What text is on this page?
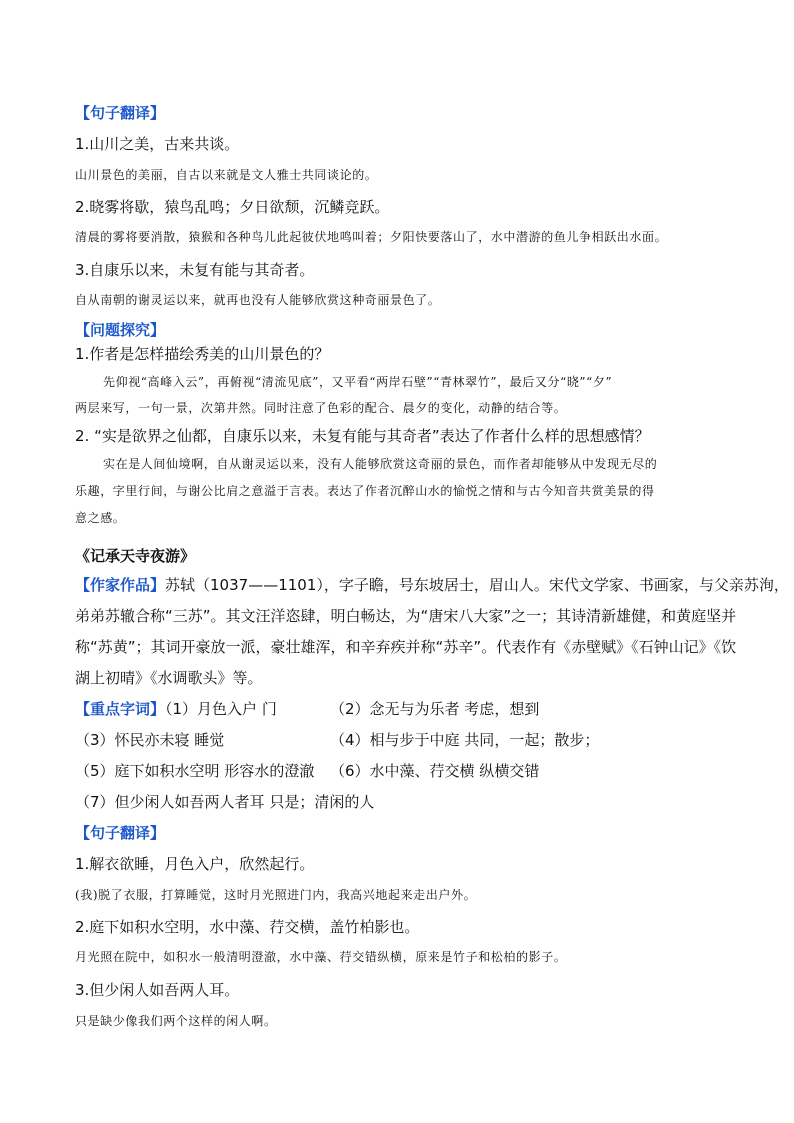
【句子翻译】
1.山川之美，古来共谈。
山川景色的美丽，自古以来就是文人雅士共同谈论的。
2.晓雾将歇，猿鸟乱鸣；夕日欲颓，沉鳞竞跃。
清晨的雾将要消散，猿猴和各种鸟儿此起彼伏地鸣叫着；夕阳快要落山了，水中潜游的鱼儿争相跃出水面。
3.自康乐以来，未复有能与其奇者。
自从南朝的谢灵运以来，就再也没有人能够欣赏这种奇丽景色了。
【问题探究】
1.作者是怎样描绘秀美的山川景色的？
先仰视“高峰入云”，再俯视“清流见底”，又平看“两岸石壁”“青林翠竹”，最后又分“晓”“夕”
两层来写，一句一景，次第井然。同时注意了色彩的配合、晨夕的变化，动静的结合等。
2. “实是欲界之仙都，自康乐以来，未复有能与其奇者”表达了作者什么样的思想感情？
实在是人间仙境啊，自从谢灵运以来，没有人能够欣赏这奇丽的景色，而作者却能够从中发现无尽的
乐趣，字里行间，与谢公比肩之意溢于言表。表达了作者沉醉山水的愉悦之情和与古今知音共赏美景的得
意之感。
《记承天寺夜游》
【作家作品】苏轼（1037——1101），字子瞻，号东坡居士，眉山人。宋代文学家、书画家，与父亲苏洵，
弟弟苏辙合称“三苏”。其文汪洋恣肆，明白畅达，为“唐宋八大家”之一；其诗清新雄健，和黄庭坚并
称“苏黄”；其词开豪放一派，豪壮雄浑，和辛弃疾并称“苏辛”。代表作有《赤壁赋》《石钟山记》《饮
湖上初晴》《水调歌头》等。
【重点字词】（1）月色入户 门	（2）念无与为乐者 考虑，想到
（3）怀民亦未寝 睡觉	（4）相与步于中庭 共同，一起；散步；
（5）庭下如积水空明 形容水的澄澈 （6）水中藻、荇交横 纵横交错
（7）但少闲人如吾两人者耳 只是；清闲的人
【句子翻译】
1.解衣欲睡，月色入户，欣然起行。
(我)脱了衣服，打算睡觉，这时月光照进门内，我高兴地起来走出户外。
2.庭下如积水空明，水中藻、荇交横，盖竹柏影也。
月光照在院中，如积水一般清明澄澈，水中藻、荇交错纵横，原来是竹子和松柏的影子。
3.但少闲人如吾两人耳。
只是缺少像我们两个这样的闲人啊。
